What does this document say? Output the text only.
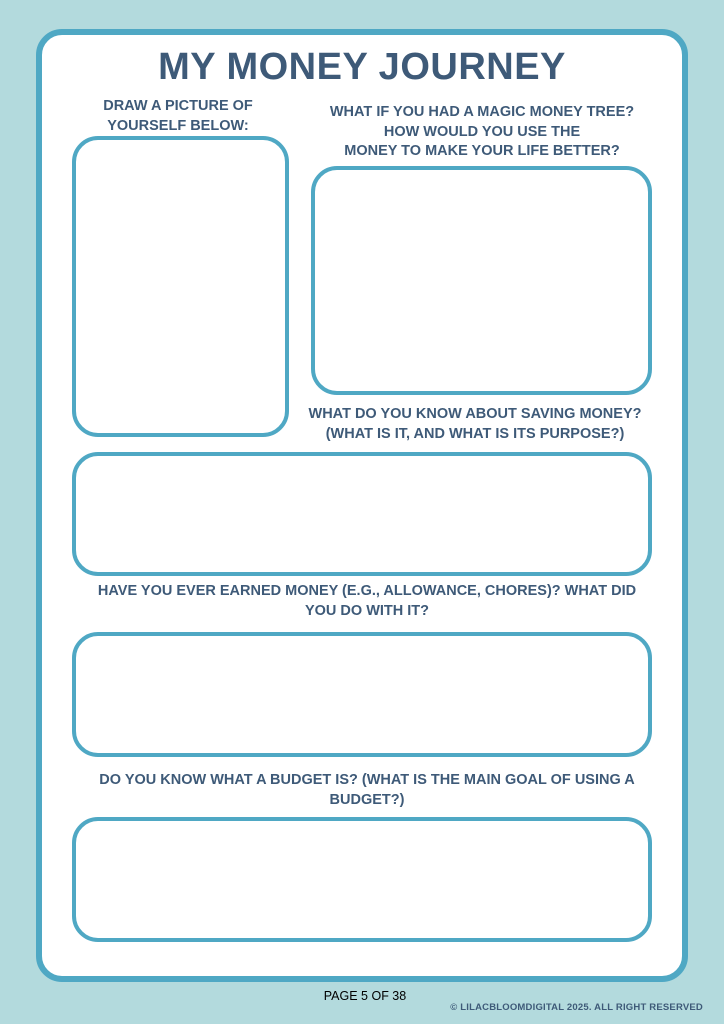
MY MONEY JOURNEY

DRAW A PICTURE OF
YOURSELF BELOW:

WHAT IF YOU HAD A MAGIC MONEY TREE?
HOW WOULD YOU USE THE
MONEY TO MAKE YOUR LIFE BETTER?

WHAT DO YOU KNOW ABOUT SAVING MONEY?
(WHAT IS IT, AND WHAT IS ITS PURPOSE?)

HAVE YOU EVER EARNED MONEY (E.G., ALLOWANCE, CHORES)? WHAT DID
YOU DO WITH IT?

DO YOU KNOW WHAT A BUDGET IS? (WHAT IS THE MAIN GOAL OF USING A
BUDGET?)

PAGE 5 OF 38
© LILACBLOOMDIGITAL 2025. ALL RIGHT RESERVED
